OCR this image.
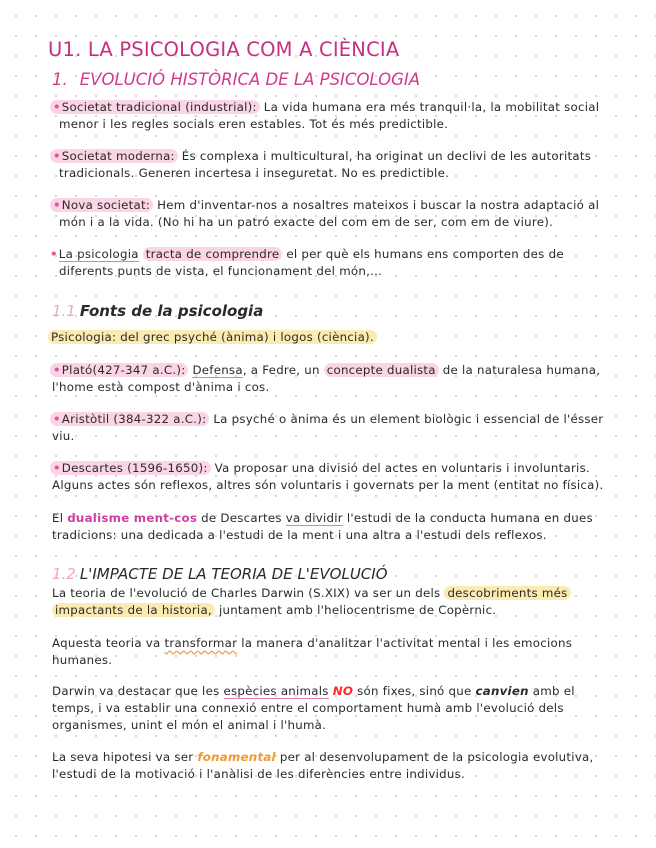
U1. LA PSICOLOGIA COM A CIÈNCIA
1. EVOLUCIÓ HISTÒRICA DE LA PSICOLOGIA
•Societat tradicional (industrial): La vida humana era més tranquil·la, la mobilitat social
menor i les regles socials eren estables. Tot és més predictible.
•Societat moderna: És complexa i multicultural, ha originat un declivi de les autoritats
tradicionals. Generen incertesa i inseguretat. No es predictible.
•Nova societat: Hem d'inventar-nos a nosaltres mateixos i buscar la nostra adaptació al
món i a la vida. (No hi ha un patró exacte del com em de ser, com em de viure).
•La psicologia tracta de comprendre el per què els humans ens comporten des de
diferents punts de vista, el funcionament del món,...
1.1 Fonts de la psicologia
Psicologia: del grec psyché (ànima) i logos (ciència).
•Plató(427-347 a.C.): Defensa, a Fedre, un concepte dualista de la naturalesa humana,
l'home està compost d'ànima i cos.
•Aristòtil (384-322 a.C.): La psyché o ànima és un element biològic i essencial de l'ésser
viu.
•Descartes (1596-1650): Va proposar una divisió del actes en voluntaris i involuntaris.
Alguns actes són reflexos, altres són voluntaris i governats per la ment (entitat no física).
El dualisme ment-cos de Descartes va dividir l'estudi de la conducta humana en dues
tradicions: una dedicada a l'estudi de la ment i una altra a l'estudi dels reflexos.
1.2 L'IMPACTE DE LA TEORIA DE L'EVOLUCIÓ
La teoria de l'evolució de Charles Darwin (S.XIX) va ser un dels descobriments més
impactants de la historia, juntament amb l'heliocentrisme de Copèrnic.
Aquesta teoria va transformar la manera d'analitzar l'activitat mental i les emocions
humanes.
Darwin va destacar que les espècies animals NO són fixes, sinó que canvien amb el
temps, i va establir una connexió entre el comportament humà amb l'evolució dels
organismes, unint el món el animal i l'humà.
La seva hipotesi va ser fonamental per al desenvolupament de la psicologia evolutiva,
l'estudi de la motivació i l'anàlisi de les diferències entre individus.
